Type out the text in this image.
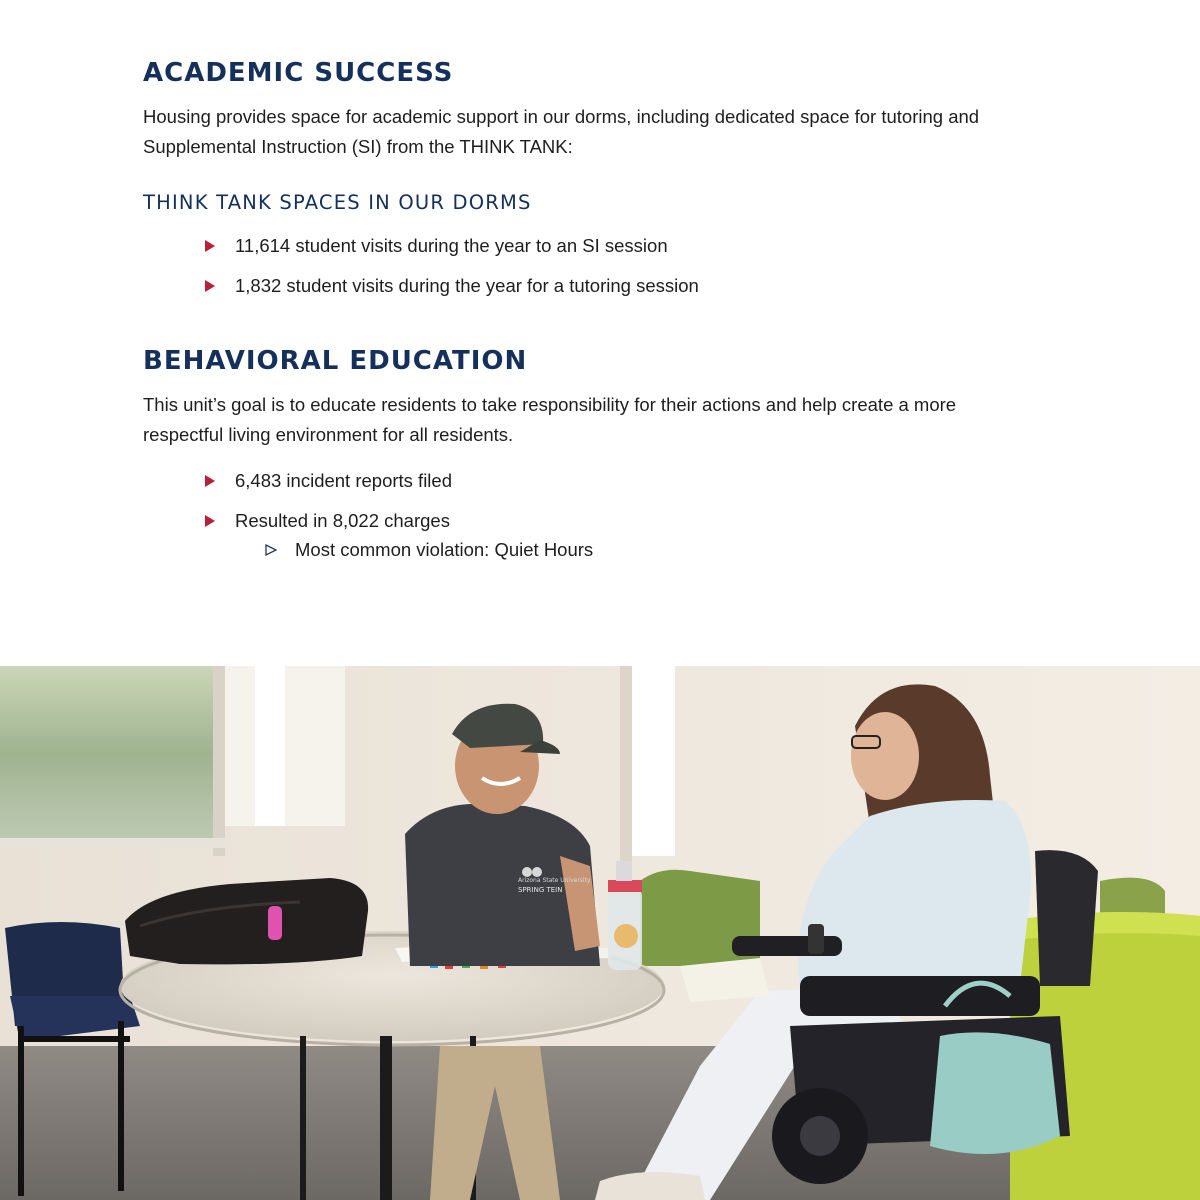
ACADEMIC SUCCESS

Housing provides space for academic support in our dorms, including dedicated space for tutoring and Supplemental Instruction (SI) from the THINK TANK:

THINK TANK SPACES IN OUR DORMS
11,614 student visits during the year to an SI session
1,832 student visits during the year for a tutoring session
BEHAVIORAL EDUCATION

This unit’s goal is to educate residents to take responsibility for their actions and help create a more respectful living environment for all residents.

6,483 incident reports filed
Resulted in 8,022 charges
Most common violation: Quiet Hours
Arizona State University
SPRING TEIN
